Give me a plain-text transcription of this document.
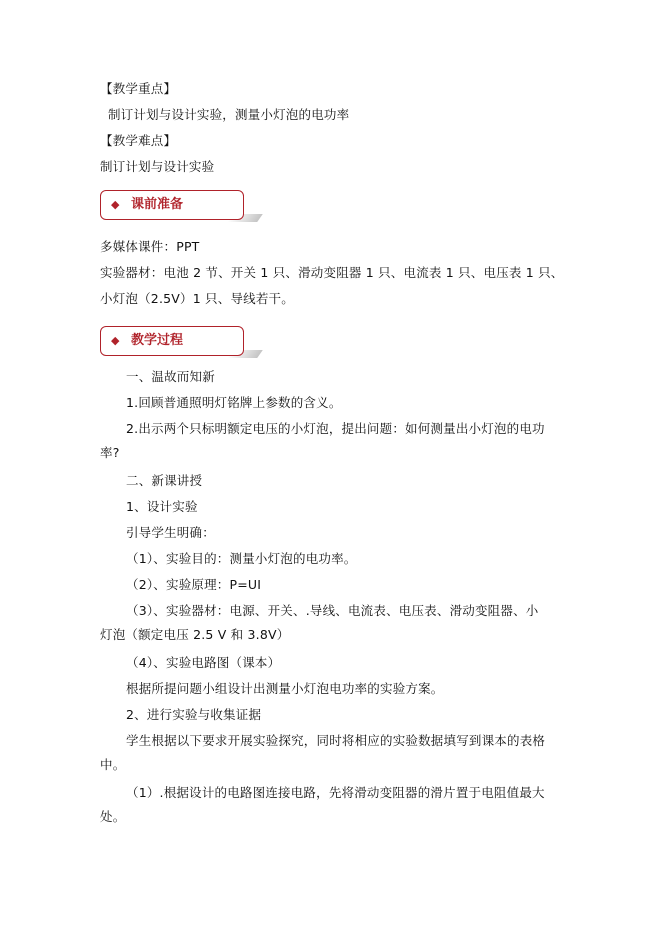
【教学重点】
制订计划与设计实验，测量小灯泡的电功率
【教学难点】
制订计划与设计实验
◆ 课前准备
多媒体课件：PPT
实验器材：电池 2 节、开关 1 只、滑动变阻器 1 只、电流表 1 只、电压表 1 只、
小灯泡（2.5V）1 只、导线若干。
◆ 教学过程
一、温故而知新
1.回顾普通照明灯铭牌上参数的含义。
2.出示两个只标明额定电压的小灯泡，提出问题：如何测量出小灯泡的电功
率?
二、新课讲授
1、设计实验
引导学生明确：
（1）、实验目的：测量小灯泡的电功率。
（2）、实验原理：P=UI
（3）、实验器材：电源、开关、.导线、电流表、电压表、滑动变阻器、小
灯泡（额定电压 2.5 V 和 3.8V）
（4）、实验电路图（课本）
根据所提问题小组设计出测量小灯泡电功率的实验方案。
2、进行实验与收集证据
学生根据以下要求开展实验探究，同时将相应的实验数据填写到课本的表格
中。
（1）.根据设计的电路图连接电路，先将滑动变阻器的滑片置于电阻值最大
处。
